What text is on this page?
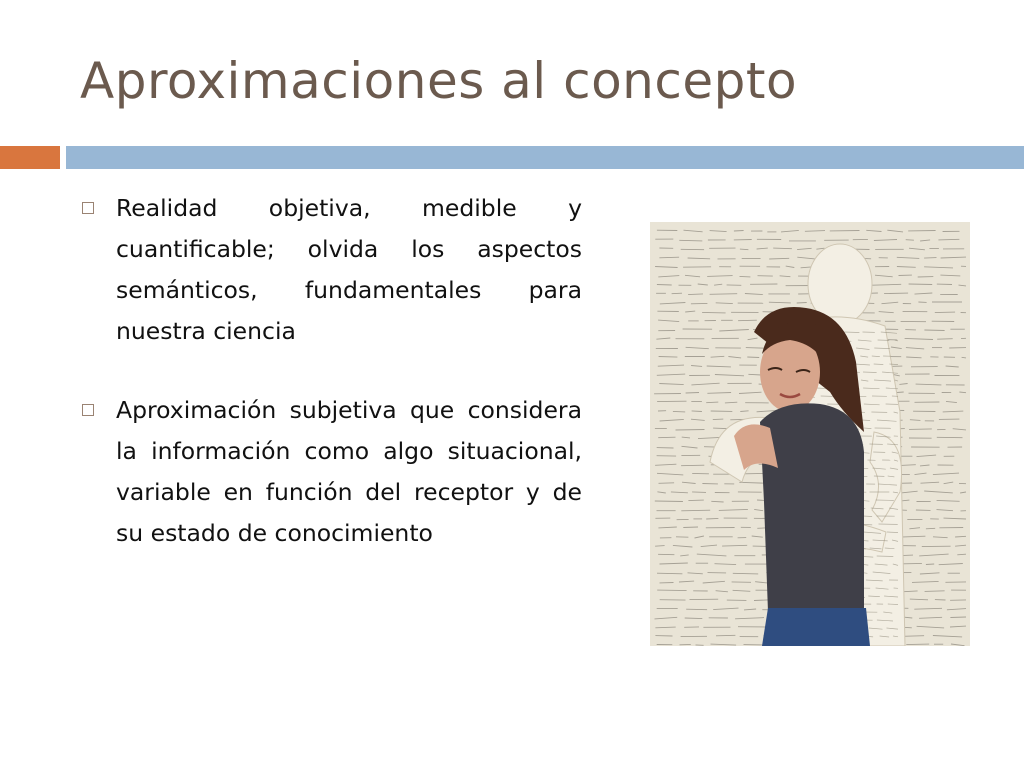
Aproximaciones al concepto
Realidad objetiva, medible y cuantificable; olvida los aspectos semánticos, fundamentales para nuestra ciencia
Aproximación subjetiva que considera la información como algo situacional, variable en función del receptor y de su estado de conocimiento
